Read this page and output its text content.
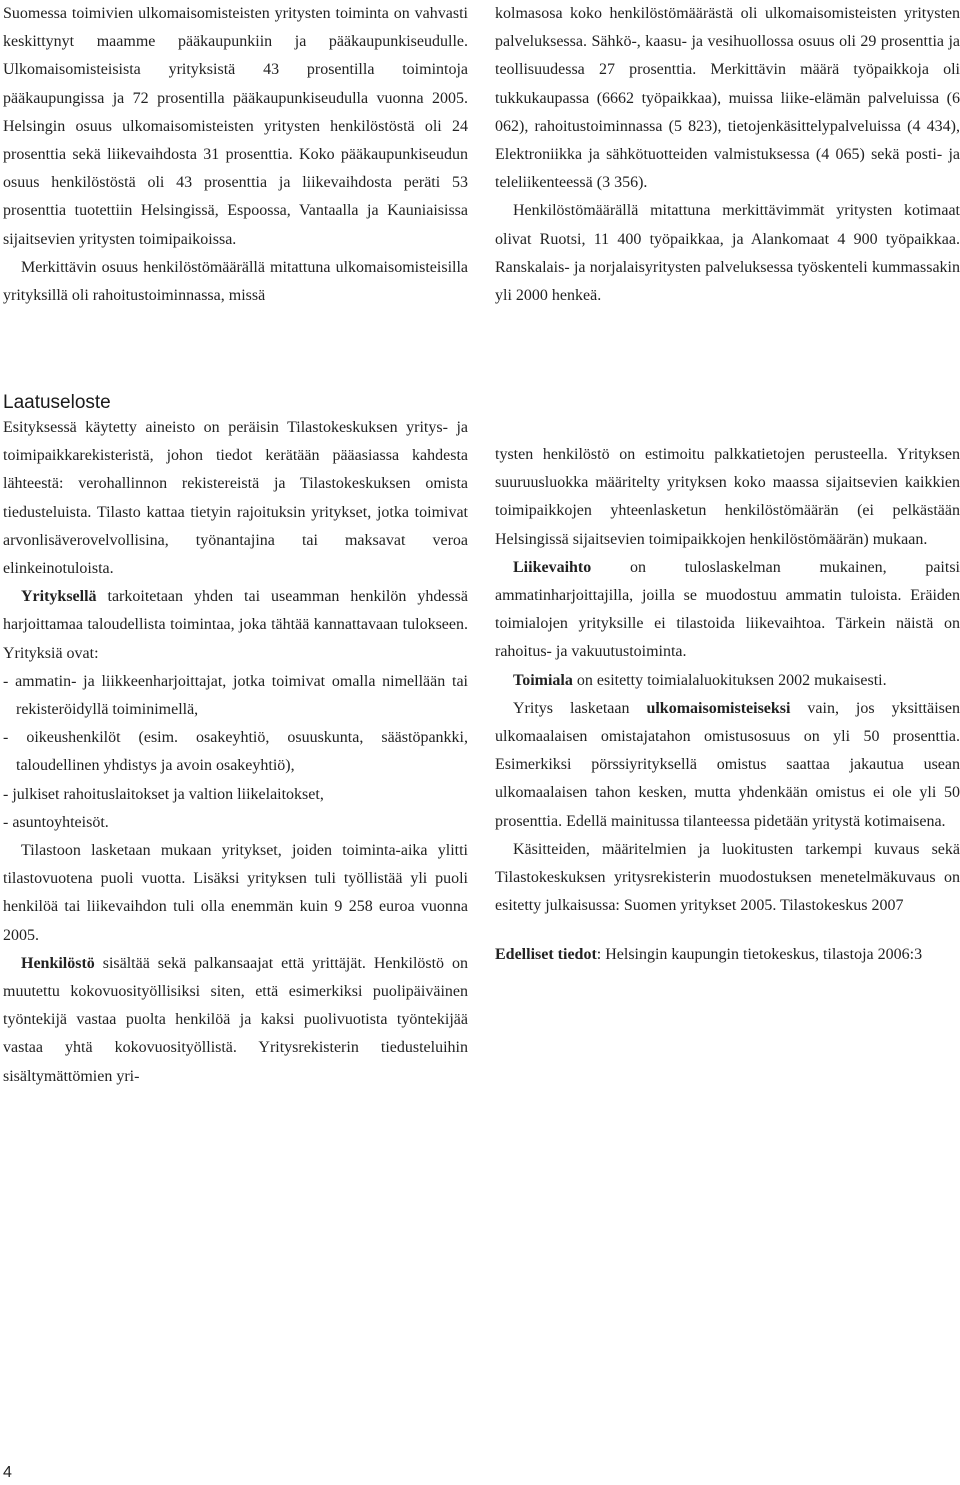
Suomessa toimivien ulkomaisomisteisten yritysten toiminta on vahvasti keskittynyt maamme pääkaupunkiin ja pääkaupunkiseudulle. Ulkomaisomisteisista yrityksistä 43 prosentilla toimintoja pääkaupungissa ja 72 prosentilla pääkaupunkiseudulla vuonna 2005. Helsingin osuus ulkomaisomisteisten yritysten henkilöstöstä oli 24 prosenttia sekä liikevaihdosta 31 prosenttia. Koko pääkaupunkiseudun osuus henkilöstöstä oli 43 prosenttia ja liikevaihdosta peräti 53 prosenttia tuotettiin Helsingissä, Espoossa, Vantaalla ja Kauniaisissa sijaitsevien yritysten toimipaikoissa.

Merkittävin osuus henkilöstömäärällä mitattuna ulkomaisomisteisilla yrityksillä oli rahoitustoiminnassa, missä

kolmasosa koko henkilöstömäärästä oli ulkomaisomisteisten yritysten palveluksessa. Sähkö-, kaasu- ja vesihuollossa osuus oli 29 prosenttia ja teollisuudessa 27 prosenttia. Merkittävin määrä työpaikkoja oli tukkukaupassa (6662 työpaikkaa), muissa liike-elämän palveluissa (6 062), rahoitustoiminnassa (5 823), tietojenkäsittelypalveluissa (4 434), Elektroniikka ja sähkötuotteiden valmistuksessa (4 065) sekä posti- ja teleliikenteessä (3 356).

Henkilöstömäärällä mitattuna merkittävimmät yritysten kotimaat olivat Ruotsi, 11 400 työpaikkaa, ja Alankomaat 4 900 työpaikkaa. Ranskalais- ja norjalaisyritysten palveluksessa työskenteli kummassakin yli 2000 henkeä.

Laatuseloste

Esityksessä käytetty aineisto on peräisin Tilastokeskuksen yritys- ja toimipaikkarekisteristä, johon tiedot kerätään pääasiassa kahdesta lähteestä: verohallinnon rekistereistä ja Tilastokeskuksen omista tiedusteluista. Tilasto kattaa tietyin rajoituksin yritykset, jotka toimivat arvonlisäverovelvollisina, työnantajina tai maksavat veroa elinkeinotuloista.

Yrityksellä tarkoitetaan yhden tai useamman henkilön yhdessä harjoittamaa taloudellista toimintaa, joka tähtää kannattavaan tulokseen. Yrityksiä ovat:

- ammatin- ja liikkeenharjoittajat, jotka toimivat omalla nimellään tai rekisteröidyllä toiminimellä,
- oikeushenkilöt (esim. osakeyhtiö, osuuskunta, säästöpankki, taloudellinen yhdistys ja avoin osakeyhtiö),
- julkiset rahoituslaitokset ja valtion liikelaitokset,
- asuntoyhteisöt.

Tilastoon lasketaan mukaan yritykset, joiden toiminta-aika ylitti tilastovuotena puoli vuotta. Lisäksi yrityksen tuli työllistää yli puoli henkilöä tai liikevaihdon tuli olla enemmän kuin 9 258 euroa vuonna 2005.

Henkilöstö sisältää sekä palkansaajat että yrittäjät. Henkilöstö on muutettu kokovuosityöllisiksi siten, että esimerkiksi puolipäiväinen työntekijä vastaa puolta henkilöä ja kaksi puolivuotista työntekijää vastaa yhtä kokovuosityöllistä. Yritysrekisterin tiedusteluihin sisältymättömien yri-

tysten henkilöstö on estimoitu palkkatietojen perusteella. Yrityksen suuruusluokka määritelty yrityksen koko maassa sijaitsevien kaikkien toimipaikkojen yhteenlasketun henkilöstömäärän (ei pelkästään Helsingissä sijaitsevien toimipaikkojen henkilöstömäärän) mukaan.

Liikevaihto on tuloslaskelman mukainen, paitsi ammatinharjoittajilla, joilla se muodostuu ammatin tuloista. Eräiden toimialojen yrityksille ei tilastoida liikevaihtoa. Tärkein näistä on rahoitus- ja vakuutustoiminta.

Toimiala on esitetty toimialaluokituksen 2002 mukaisesti.

Yritys lasketaan ulkomaisomisteiseksi vain, jos yksittäisen ulkomaalaisen omistajatahon omistusosuus on yli 50 prosenttia. Esimerkiksi pörssiyrityksellä omistus saattaa jakautua usean ulkomaalaisen tahon kesken, mutta yhdenkään omistus ei ole yli 50 prosenttia. Edellä mainitussa tilanteessa pidetään yritystä kotimaisena.

Käsitteiden, määritelmien ja luokitusten tarkempi kuvaus sekä Tilastokeskuksen yritysrekisterin muodostuksen menetelmäkuvaus on esitetty julkaisussa: Suomen yritykset 2005. Tilastokeskus 2007

Edelliset tiedot: Helsingin kaupungin tietokeskus, tilastoja 2006:3

4
